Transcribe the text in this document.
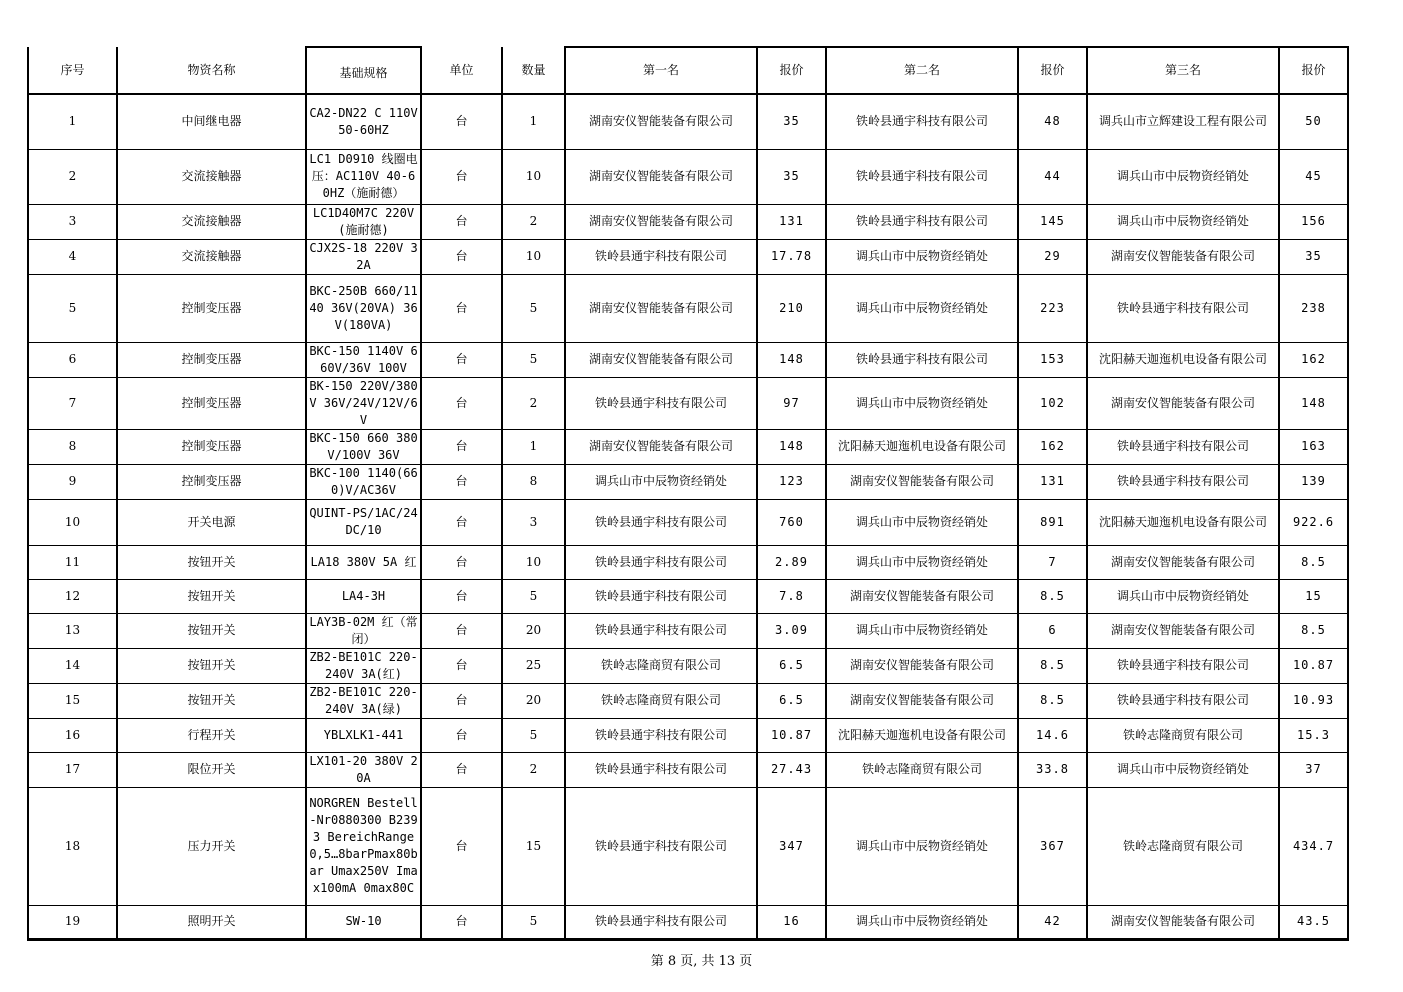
序号	物资名称	基础规格	单位	数量	第一名	报价	第二名	报价	第三名	报价
1	中间继电器	CA2-DN22 C 110V 50-60HZ	台	1	湖南安仪智能装备有限公司	35	铁岭县通宇科技有限公司	48	调兵山市立辉建设工程有限公司	50
2	交流接触器	LC1 D0910 线圈电压：AC110V 40-60HZ（施耐德）	台	10	湖南安仪智能装备有限公司	35	铁岭县通宇科技有限公司	44	调兵山市中辰物资经销处	45
3	交流接触器	LC1D40M7C 220V(施耐德)	台	2	湖南安仪智能装备有限公司	131	铁岭县通宇科技有限公司	145	调兵山市中辰物资经销处	156
4	交流接触器	CJX2S-18 220V 32A	台	10	铁岭县通宇科技有限公司	17.78	调兵山市中辰物资经销处	29	湖南安仪智能装备有限公司	35
5	控制变压器	BKC-250B 660/1140 36V(20VA) 36V(180VA)	台	5	湖南安仪智能装备有限公司	210	调兵山市中辰物资经销处	223	铁岭县通宇科技有限公司	238
6	控制变压器	BKC-150 1140V 660V/36V 100V	台	5	湖南安仪智能装备有限公司	148	铁岭县通宇科技有限公司	153	沈阳赫天迦迤机电设备有限公司	162
7	控制变压器	BK-150 220V/380V 36V/24V/12V/6V	台	2	铁岭县通宇科技有限公司	97	调兵山市中辰物资经销处	102	湖南安仪智能装备有限公司	148
8	控制变压器	BKC-150 660 380V/100V 36V	台	1	湖南安仪智能装备有限公司	148	沈阳赫天迦迤机电设备有限公司	162	铁岭县通宇科技有限公司	163
9	控制变压器	BKC-100 1140(660)V/AC36V	台	8	调兵山市中辰物资经销处	123	湖南安仪智能装备有限公司	131	铁岭县通宇科技有限公司	139
10	开关电源	QUINT-PS/1AC/24DC/10	台	3	铁岭县通宇科技有限公司	760	调兵山市中辰物资经销处	891	沈阳赫天迦迤机电设备有限公司	922.6
11	按钮开关	LA18 380V 5A 红	台	10	铁岭县通宇科技有限公司	2.89	调兵山市中辰物资经销处	7	湖南安仪智能装备有限公司	8.5
12	按钮开关	LA4-3H	台	5	铁岭县通宇科技有限公司	7.8	湖南安仪智能装备有限公司	8.5	调兵山市中辰物资经销处	15
13	按钮开关	LAY3B-02M 红（常闭）	台	20	铁岭县通宇科技有限公司	3.09	调兵山市中辰物资经销处	6	湖南安仪智能装备有限公司	8.5
14	按钮开关	ZB2-BE101C 220-240V 3A(红)	台	25	铁岭志隆商贸有限公司	6.5	湖南安仪智能装备有限公司	8.5	铁岭县通宇科技有限公司	10.87
15	按钮开关	ZB2-BE101C 220-240V 3A(绿)	台	20	铁岭志隆商贸有限公司	6.5	湖南安仪智能装备有限公司	8.5	铁岭县通宇科技有限公司	10.93
16	行程开关	YBLXLK1-441	台	5	铁岭县通宇科技有限公司	10.87	沈阳赫天迦迤机电设备有限公司	14.6	铁岭志隆商贸有限公司	15.3
17	限位开关	LX101-20 380V 20A	台	2	铁岭县通宇科技有限公司	27.43	铁岭志隆商贸有限公司	33.8	调兵山市中辰物资经销处	37
18	压力开关	NORGREN Bestell-Nr0880300 B2393 BereichRange0,5…8barPmax80bar Umax250V Imax100mA 0max80C	台	15	铁岭县通宇科技有限公司	347	调兵山市中辰物资经销处	367	铁岭志隆商贸有限公司	434.7
19	照明开关	SW-10	台	5	铁岭县通宇科技有限公司	16	调兵山市中辰物资经销处	42	湖南安仪智能装备有限公司	43.5
第 8 页, 共 13 页
